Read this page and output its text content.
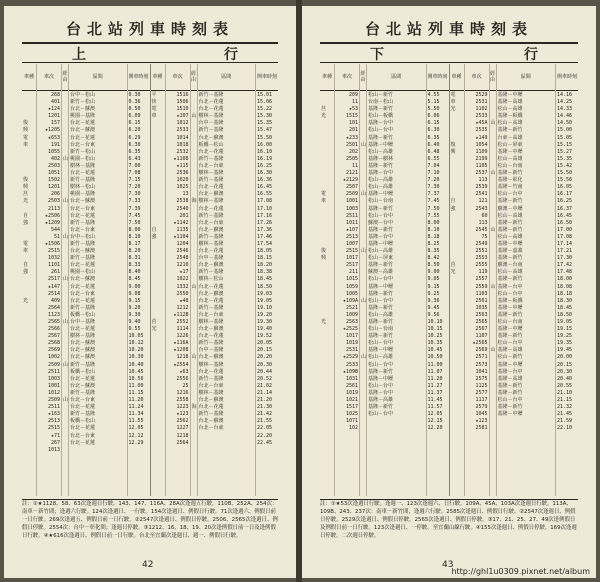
台北站列車時刻表
上	行
車種

復
興
電
車

復
興
莒
光

自
強

電
車

自
強

光

車次
268
401
★124
1201
157
★1205
★653
191
1055
402
2503
1051
1502
1201
206
2503
2113
★2506
★1209
544
51
★1506
2515
1032
1101
261
2517
★147
2514
409
2564
1123
2565
2566
2567
2568
2569
1002
2509
2511
1003
1001
1012
2509
2511
★163
2513
2515
★71
267
1013
經由

山

山

山

山

山

山

山

區間
台中－松山
新竹－松山
台北－蘇澳
桃園－基隆
台北－花蓮
台北－蘇澳
台北－花蓮
台北－台東
新竹－松山
桃園－松山
樹林－基隆
台北－花蓮
新竹－基隆
樹林－松山
桃園－基隆
台北－蘇澳
台北－台東
台北－花蓮
新竹－基隆
台北－台東
台中－松山
新竹－基隆
台北－蘇澳
新竹－基隆
台北－花蓮
桃園－松山
台北－蘇澳
台北－花蓮
台北－台東
台北－花蓮
新竹－基隆
板橋－松山
台中－基隆
台北－花蓮
樹林－基隆
台北－蘇澳
台北－蘇澳
台北－蘇澳
新竹－基隆
板橋－松山
台北－花蓮
台北－蘇澳
新竹－基隆
台北－台東
台北－花蓮
新竹－基隆
板橋－松山
台北－花蓮
台北－台東
台北－花蓮
開車時刻
0.30
0.36
0.50
6.09
6.15
6.20
6.29
6.30
6.35
6.43
7.00
7.08
7.15
7.20
7.30
7.33
7.39
7.45
7.50
8.00
8.10
8.17
8.20
8.31
8.33
8.40
8.45
9.00
9.08
9.15
9.20
9.30
9.40
9.55
10.05
10.12
10.20
10.30
10.40
10.45
10.56
11.00
11.15
11.20
11.24
11.34
11.55
12.05
12.12
12.29
車種
平
快
電
車

自
強

莒
光

車次
1516
1506
1510
★107
1012
2533
1014
1018
2532
★1108
★115
2536
1020
1025
13
2538
2540
201
★1142
1135
★1104
1204
2546
2548
1210
★17
1022
1332
2550
★48
1212
★112B
2552
1114
1226
★116A
★1208
1218
★2554
★63
2556
25
1216
2558
1223
★123
2562
1227
1218
2564
經由

山

海

山

山

海

區間
新竹－基隆
台北－花蓮
台北－花蓮
樹林－基隆
台中－基隆
新竹－基隆
台北－蘇澳
板橋－松山
台北－花蓮
新竹－基隆
台北－台東
樹林－基隆
新竹－基隆
台北－花蓮
台北－蘇澳
樹林－基隆
台北－花蓮
新竹－基隆
台北－台東
台北－蘇澳
新竹－基隆
樹林－基隆
台北－花蓮
台中－基隆
台北－蘇澳
新竹－基隆
樹林－松山
台北－花蓮
台北－蘇澳
台北－花蓮
新竹－基隆
台北－台東
樹林－基隆
台北－蘇澳
台北－花蓮
新竹－基隆
台中－基隆
台北－蘇澳
樹林－基隆
台北－花蓮
新竹－基隆
台北－台東
樹林－基隆
台北－蘇澳
台北－花蓮
新竹－基隆
台北－蘇澳
台北－台東
開車時刻
15.01
15.06
15.22
15.30
15.35
15.47
15.50
16.00
16.10
16.19
16.25
16.30
16.36
16.45
16.55
17.08
17.10
17.16
17.26
17.36
17.46
17.54
18.05
18.15
18.20
18.38
18.45
18.50
19.03
19.05
19.10
19.20
19.30
19.40
19.52
20.05
20.15
20.20
20.30
20.44
20.52
21.02
21.14
21.20
21.30
21.42
21.55
22.05
22.20
22.45
註：①★1128、58、63次逢週日行駛。143、147、116A、28A次逢週五行駛。110B、252A、254次：南車－新竹間；逢週六行駛。124次逢週日、一行駛。154次逢週日、例假日行駛。71次逢週六、例假日前一日行駛。269次逢週五、例假日前一日行駛。②2547次逢週日、例假日停駛。2506、2565次逢週日、例假日停駛。2554次：台中－彰化間；逢週日停駛。③1212、16、18、19、20次逢例假日前一日及逢例假日行駛。④★616次逢週日、例假日前一日行駛。台北至宜蘭次逢週日、週一、例假日行駛。
42
台北站列車時刻表
下	行
車種

莒
光

電
車

復
興

光

車次
209
11
★53
1515
101
201
★233
2501
202
2505
11
2121
★2129
2507
2509
1001
1003
2511
1011
★107
2513
1007
2515
1017
2517
211
1015
1059
1005
★109A
2521
1009
2563
★2525
1017
1019
2531
★2529
2533
★109B
1031
2561
1019
1021
1517
1025
1071
102
經由

山

山

山

山

山

區間
松山－新竹
台南－松山
基隆－新竹
松山－板橋
基隆－台中
松山－台中
基隆－新竹
基隆－中壢
松山－高雄
基隆－樹林
基隆－新竹
基隆－台中
松山－高雄
松山－高雄
基隆－中壢
松山－台南
基隆－新竹
松山－台中
蘇澳－台中
基隆－新竹
基隆－台中
基隆－中壢
松山－高雄
松山－屏東
基隆－新竹
蘇澳－高雄
松山－台中
基隆－中壢
基隆－新竹
松山－台中
基隆－新竹
松山－高雄
基隆－新竹
松山－台南
基隆－新竹
松山－台中
基隆－中壢
松山－高雄
松山－台中
基隆－新竹
基隆－中壢
松山－台中
基隆－台中
基隆－高雄
基隆－新竹
松山－台中
開車時刻
4.55
5.15
5.50
6.06
6.15
6.30
6.35
6.40
6.48
6.55
7.04
7.10
7.20
7.30
7.37
7.45
7.50
7.55
8.00
8.10
8.18
8.25
8.35
8.42
8.50
9.00
9.05
9.15
9.25
9.36
9.45
9.56
10.10
10.15
10.25
10.35
10.45
10.50
11.00
11.07
11.20
11.27
11.37
11.45
11.57
12.05
12.15
12.20
車種
電
車
光

復
興

自
強

莒
光

車次
2529
2531
1102
2533
★45A
2535
★149
1054
1109
2199
1105
2537
113
2539
2541
121
2543
60
113
2545
75
2549
2551
2553
2555
119
2557
2559
1103
2561
1035
2563
2565
2567
1107
★2565
2569
2571
2573
1041
2575
1125
2577
1117
2579
1045
★123
2581
經由

山

山

山

山

山

區間
基隆－中壢
基隆－高雄
松山－高雄
基隆－板橋
松山－高雄
基隆－新竹
台東－高雄
松山－屏東
基隆－中壢
松山－高雄
松山－台南
基隆－新竹
基隆－彰化
基隆－竹南
松山－台中
基隆－新竹
蘇澳－中壢
松山－高雄
基隆－新竹
基隆－新竹
松山－高雄
基隆－中壢
基隆－嘉義
基隆－新竹
蘇澳－台南
松山－高雄
基隆－新竹
基隆－台中
松山－台中
基隆－板橋
基隆－中壢
基隆－新竹
松山－台南
基隆－中壢
基隆－新竹
松山－台中
基隆－高雄
松山－新竹
基隆－中壢
基隆－台中
基隆－高雄
基隆－新竹
基隆－新竹
松山－台中
基隆－新竹
基隆－中壢
開車時刻
14.16
14.25
14.33
14.46
14.50
15.00
15.05
15.15
15.27
15.35
15.42
15.50
15.56
16.05
16.17
16.25
16.37
16.45
16.50
17.00
17.08
17.14
17.21
17.30
17.42
17.48
18.00
18.08
18.18
18.30
18.45
18.50
19.05
19.15
19.25
19.35
19.45
20.00
20.15
20.30
20.40
20.55
21.10
21.15
21.32
21.45
21.59
22.10
註：①★53次逢週日行駛。逢週一、123次逢週六、日行駛。109A、45A、103A次逢週日行駛。113A、109B、243、237次：南車－新竹間，逢週六行駛。2585次逢週日、例假日行駛。②2547次逢週日、例假日停駛。2529次逢週日、例假日停駛。2565次逢週日、例假日停駛。③17、21、25、27、49次逢例假日及例假日前一日行駛。123次逢週日、一停駛。至宜蘭山線行駛。④155次逢週日、例假日停駛。169次逢週日停駛。二次週日停駛。
43
http://ghl1u0309.pixnet.net/album
